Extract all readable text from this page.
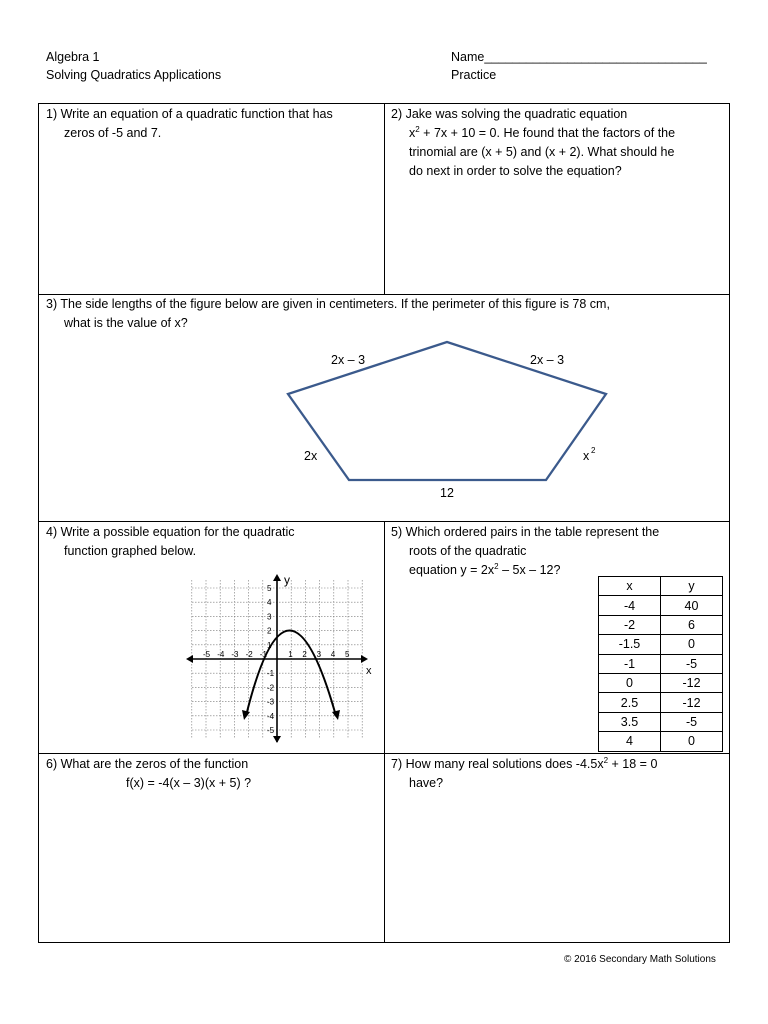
Algebra 1
Solving Quadratics Applications
Name________________________________
Practice
1) Write an equation of a quadratic function that has
zeros of -5 and 7.
2) Jake was solving the quadratic equation
$x^2 + 7x + 10 = 0$. He found that the factors of the
trinomial are (x + 5) and (x + 2). What should he
do next in order to solve the equation?
3) The side lengths of the figure below are given in centimeters. If the perimeter of this figure is 78 cm,
what is the value of x?
2x – 3	2x – 3
2x	x 2
12
4) Write a possible equation for the quadratic
function graphed below.
-5 -4 -3 -2 -1	1 2 3 4 5
5
4
3
2
1
-1
-2
-3
-4
-5
x
y
5) Which ordered pairs in the table represent the
roots of the quadratic
equation $y = 2x^2 - 5x - 12$?
x	y
-4	40
-2	6
-1.5	0
-1	-5
0	-12
2.5	-12
3.5	-5
4	0
6) What are the zeros of the function
f(x) = -4(x – 3)(x + 5) ?
7) How many real solutions does $-4.5x^2 + 18 = 0$
have?
© 2016 Secondary Math Solutions
